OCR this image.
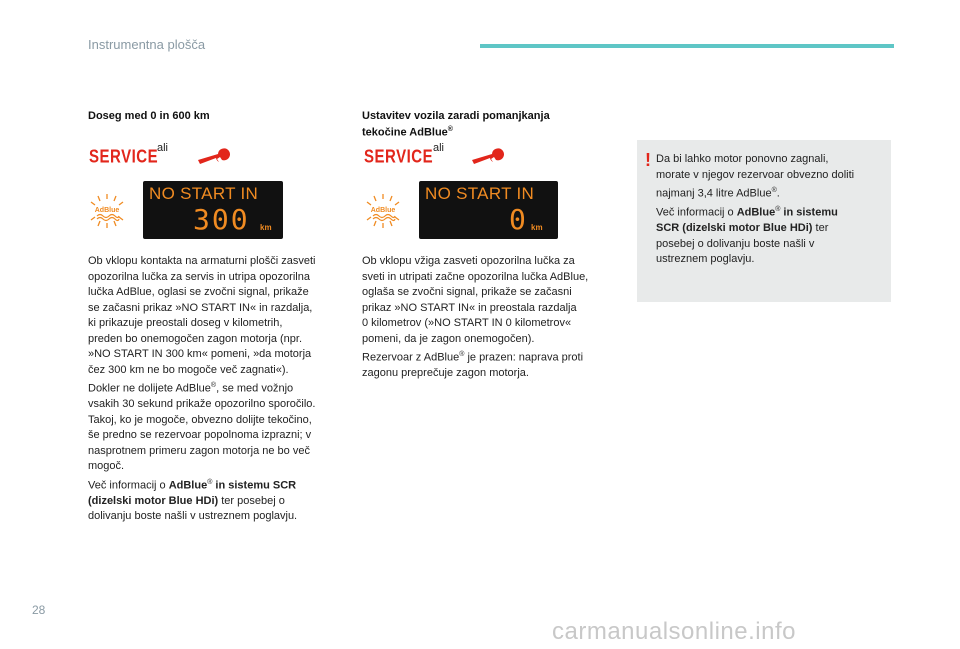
Instrumentna plošča
Doseg med 0 in 600 km
SERVICE
ali
AdBlue
NO START IN
300 km
Ob vklopu kontakta na armaturni plošči zasveti
opozorilna lučka za servis in utripa opozorilna
lučka AdBlue, oglasi se zvočni signal, prikaže
se začasni prikaz »NO START IN« in razdalja,
ki prikazuje preostali doseg v kilometrih,
preden bo onemogočen zagon motorja (npr.
»NO START IN 300 km« pomeni, »da motorja
čez 300 km ne bo mogoče več zagnati«).
Dokler ne dolijete AdBlue®, se med vožnjo
vsakih 30 sekund prikaže opozorilno sporočilo.
Takoj, ko je mogoče, obvezno dolijte tekočino,
še predno se rezervoar popolnoma izprazni; v
nasprotnem primeru zagon motorja ne bo več
mogoč.
Več informacij o AdBlue® in sistemu SCR
(dizelski motor Blue HDi) ter posebej o
dolivanju boste našli v ustreznem poglavju.
Ustavitev vozila zaradi pomanjkanja
tekočine AdBlue®
SERVICE ali
AdBlue
NO START IN
0 km
Ob vklopu vžiga zasveti opozorilna lučka za
sveti in utripati začne opozorilna lučka AdBlue,
oglaša se zvočni signal, prikaže se začasni
prikaz »NO START IN« in preostala razdalja
0 kilometrov (»NO START IN 0 kilometrov«
pomeni, da je zagon onemogočen).
Rezervoar z AdBlue® je prazen: naprava proti
zagonu preprečuje zagon motorja.
! Da bi lahko motor ponovno zagnali,
morate v njegov rezervoar obvezno doliti
najmanj 3,4 litre AdBlue®.
Več informacij o AdBlue® in sistemu
SCR (dizelski motor Blue HDi) ter
posebej o dolivanju boste našli v
ustreznem poglavju.
28
carmanualsonline.info
